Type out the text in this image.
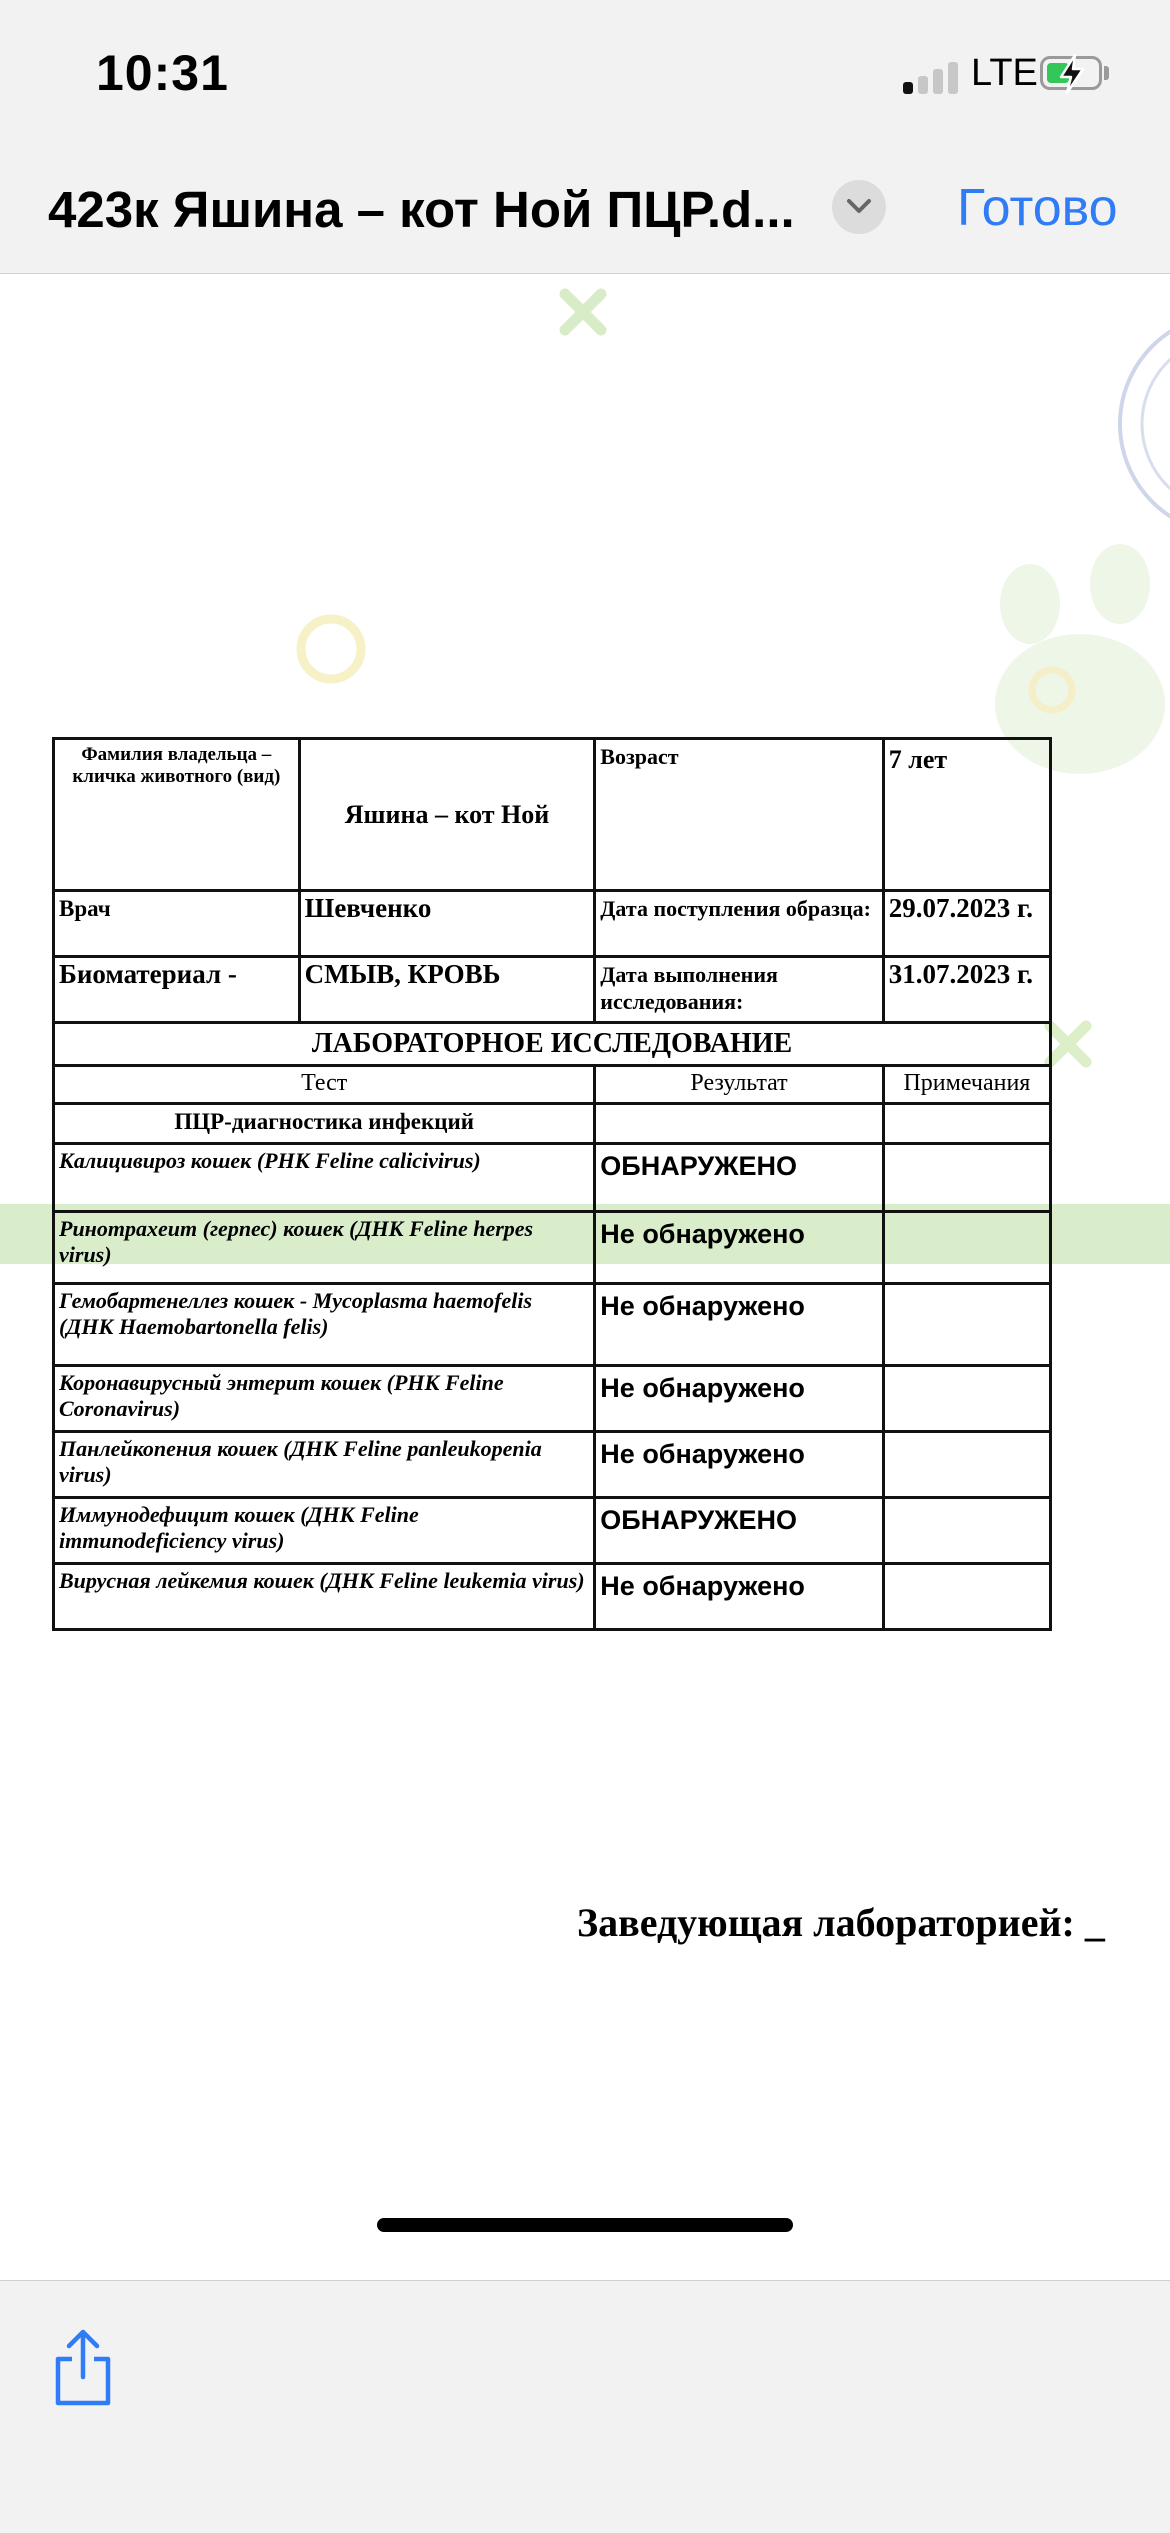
10:31	LTE
423к Яшина – кот Ной ПЦР.d...	Готово
Фамилия владельца – кличка животного (вид)	Яшина – кот Ной	Возраст	7 лет
Врач	Шевченко	Дата поступления образца:	29.07.2023 г.
Биоматериал -	СМЫВ, КРОВЬ	Дата выполнения исследования:	31.07.2023 г.
ЛАБОРАТОРНОЕ ИССЛЕДОВАНИЕ			
Тест		Результат	Примечания
ПЦР-диагностика инфекций			
Калицивироз кошек (РНК Feline calicivirus)		ОБНАРУЖЕНО	
Ринотрахеит (герпес) кошек (ДНК Feline herpes virus)		Не обнаружено	
Гемобартенеллез кошек - Mycoplasma haemofelis (ДНК Haemobartonella felis)		Не обнаружено	
Коронавирусный энтерит кошек (РНК Feline Coronavirus)		Не обнаружено	
Панлейкопения кошек (ДНК Feline panleukopenia virus)		Не обнаружено	
Иммунодефицит кошек (ДНК Feline immunodeficiency virus)		ОБНАРУЖЕНО	
Вирусная лейкемия кошек (ДНК Feline leukemia virus)		Не обнаружено	
Заведующая лабораторией: _
